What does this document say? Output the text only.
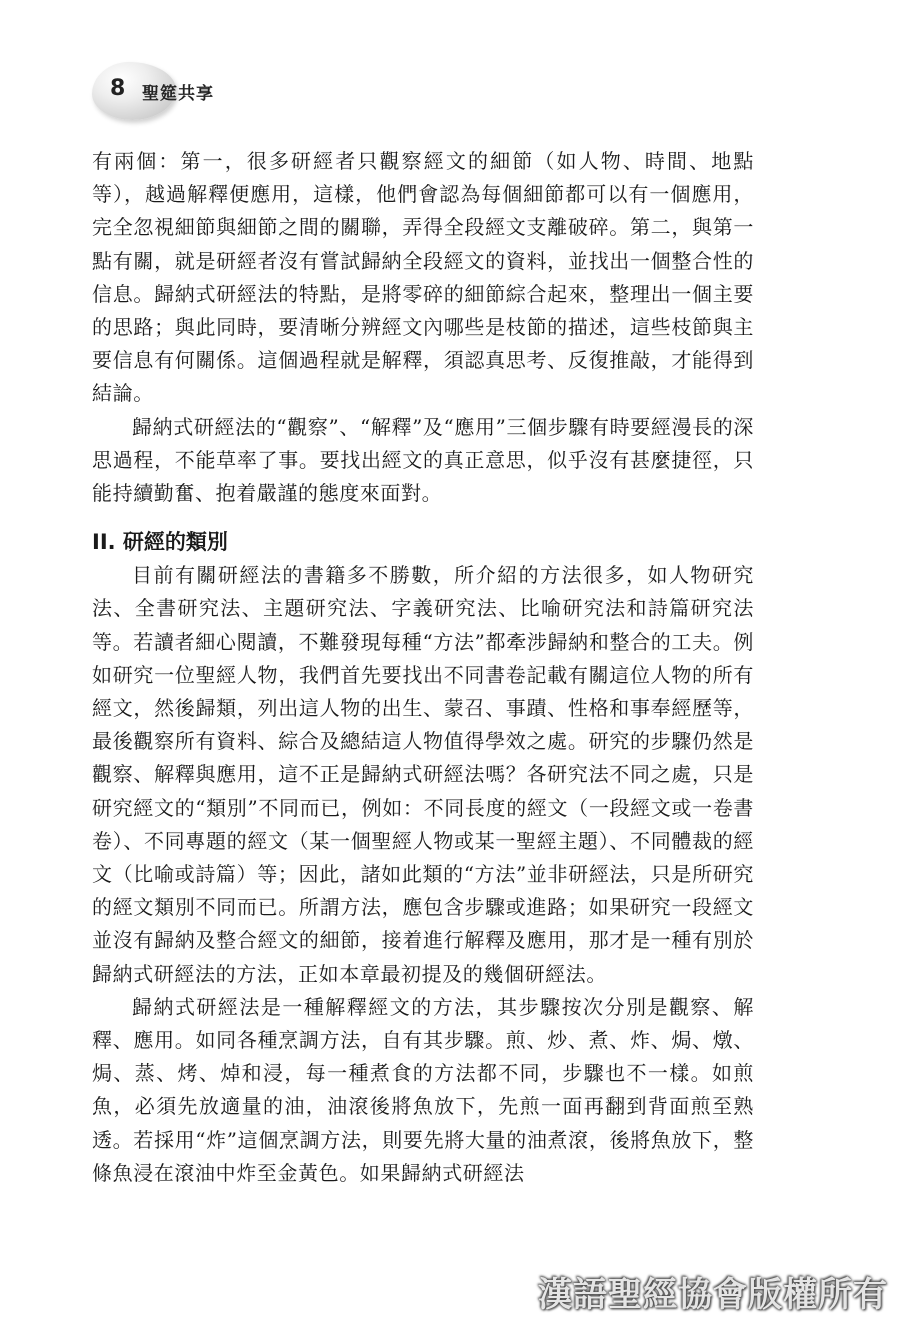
8 聖筵共享

有兩個：第一，很多研經者只觀察經文的細節（如人物、時間、地點等），越過解釋便應用，這樣，他們會認為每個細節都可以有一個應用，完全忽視細節與細節之間的關聯，弄得全段經文支離破碎。第二，與第一點有關，就是研經者沒有嘗試歸納全段經文的資料，並找出一個整合性的信息。歸納式研經法的特點，是將零碎的細節綜合起來，整理出一個主要的思路；與此同時，要清晰分辨經文內哪些是枝節的描述，這些枝節與主要信息有何關係。這個過程就是解釋，須認真思考、反復推敲，才能得到結論。

歸納式研經法的“觀察”、“解釋”及“應用”三個步驟有時要經漫長的深思過程，不能草率了事。要找出經文的真正意思，似乎沒有甚麼捷徑，只能持續勤奮、抱着嚴謹的態度來面對。

II. 研經的類別

目前有關研經法的書籍多不勝數，所介紹的方法很多，如人物研究法、全書研究法、主題研究法、字義研究法、比喻研究法和詩篇研究法等。若讀者細心閱讀，不難發現每種“方法”都牽涉歸納和整合的工夫。例如研究一位聖經人物，我們首先要找出不同書卷記載有關這位人物的所有經文，然後歸類，列出這人物的出生、蒙召、事蹟、性格和事奉經歷等，最後觀察所有資料、綜合及總結這人物值得學效之處。研究的步驟仍然是觀察、解釋與應用，這不正是歸納式研經法嗎？各研究法不同之處，只是研究經文的“類別”不同而已，例如：不同長度的經文（一段經文或一卷書卷）、不同專題的經文（某一個聖經人物或某一聖經主題）、不同體裁的經文（比喻或詩篇）等；因此，諸如此類的“方法”並非研經法，只是所研究的經文類別不同而已。所謂方法，應包含步驟或進路；如果研究一段經文並沒有歸納及整合經文的細節，接着進行解釋及應用，那才是一種有別於歸納式研經法的方法，正如本章最初提及的幾個研經法。

歸納式研經法是一種解釋經文的方法，其步驟按次分別是觀察、解釋、應用。如同各種烹調方法，自有其步驟。煎、炒、煮、炸、焗、燉、焗、蒸、烤、焯和浸，每一種煮食的方法都不同，步驟也不一樣。如煎魚，必須先放適量的油，油滾後將魚放下，先煎一面再翻到背面煎至熟透。若採用“炸”這個烹調方法，則要先將大量的油煮滾，後將魚放下，整條魚浸在滾油中炸至金黃色。如果歸納式研經法

漢語聖經協會版權所有
